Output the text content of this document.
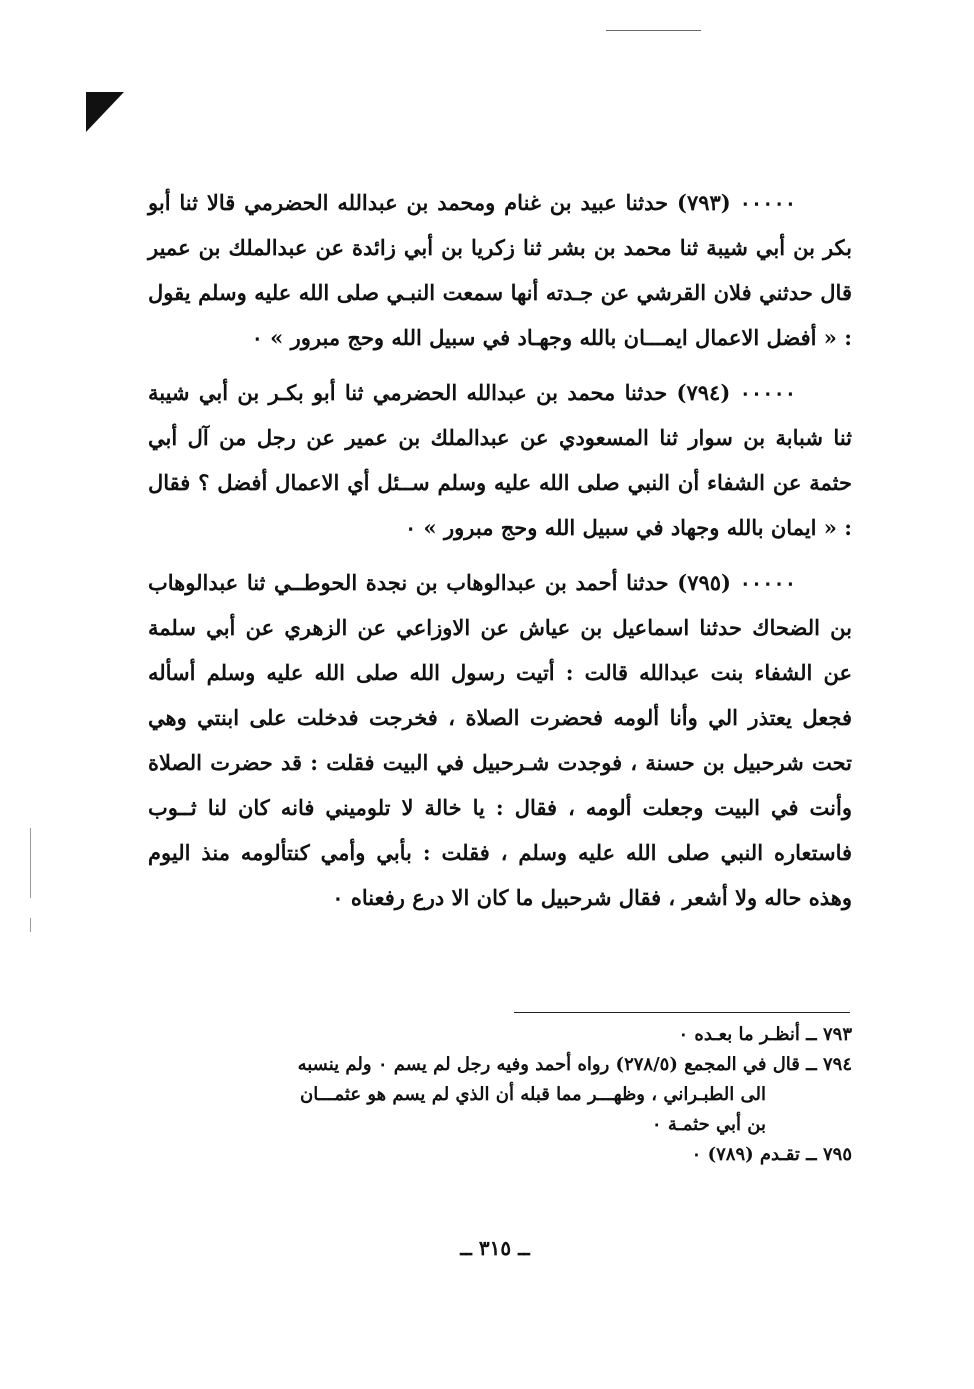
٠٠٠٠٠ (٧٩٣) حدثنا عبيد بن غنام ومحمد بن عبدالله الحضرمي قالا ثنا أبو بكر بن أبي شيبة ثنا محمد بن بشر ثنا زكريا بن أبي زائدة عن عبدالملك بن عمير قال حدثني فلان القرشي عن جـدته أنها سمعت النبـي صلى الله عليه وسلم يقول : « أفضل الاعمال ايمـــان بالله وجهـاد في سبيل الله وحج مبرور » ٠

٠٠٠٠٠ (٧٩٤) حدثنا محمد بن عبدالله الحضرمي ثنا أبو بكـر بن أبي شيبة ثنا شبابة بن سوار ثنا المسعودي عن عبدالملك بن عمير عن رجل من آل أبي حثمة عن الشفاء أن النبي صلى الله عليه وسلم ســئل أي الاعمال أفضل ؟ فقال : « ايمان بالله وجهاد في سبيل الله وحج مبرور » ٠

٠٠٠٠٠ (٧٩٥) حدثنا أحمد بن عبدالوهاب بن نجدة الحوطــي ثنا عبدالوهاب بن الضحاك حدثنا اسماعيل بن عياش عن الاوزاعي عن الزهري عن أبي سلمة عن الشفاء بنت عبدالله قالت : أتيت رسول الله صلى الله عليه وسلم أسأله فجعل يعتذر الي وأنا ألومه فحضرت الصلاة ، فخرجت فدخلت على ابنتي وهي تحت شرحبيل بن حسنة ، فوجدت شـرحبيل في البيت فقلت : قد حضرت الصلاة وأنت في البيت وجعلت ألومه ، فقال : يا خالة لا تلوميني فانه كان لنا ثــوب فاستعاره النبي صلى الله عليه وسلم ، فقلت : بأبي وأمي كنتألومه منذ اليوم وهذه حاله ولا أشعر ، فقال شرحبيل ما كان الا درع رفعناه ٠

٧٩٣ ــ أنظـر ما بعـده ٠
٧٩٤ ــ قال في المجمع (٢٧٨/٥) رواه أحمد وفيه رجل لم يسم ٠ ولم ينسبه
الى الطبـراني ، وظهـــر مما قبله أن الذي لم يسم هو عثمـــان
بن أبي حثمـة ٠
٧٩٥ ــ تقـدم (٧٨٩) ٠
ــ ٣١٥ ــ
